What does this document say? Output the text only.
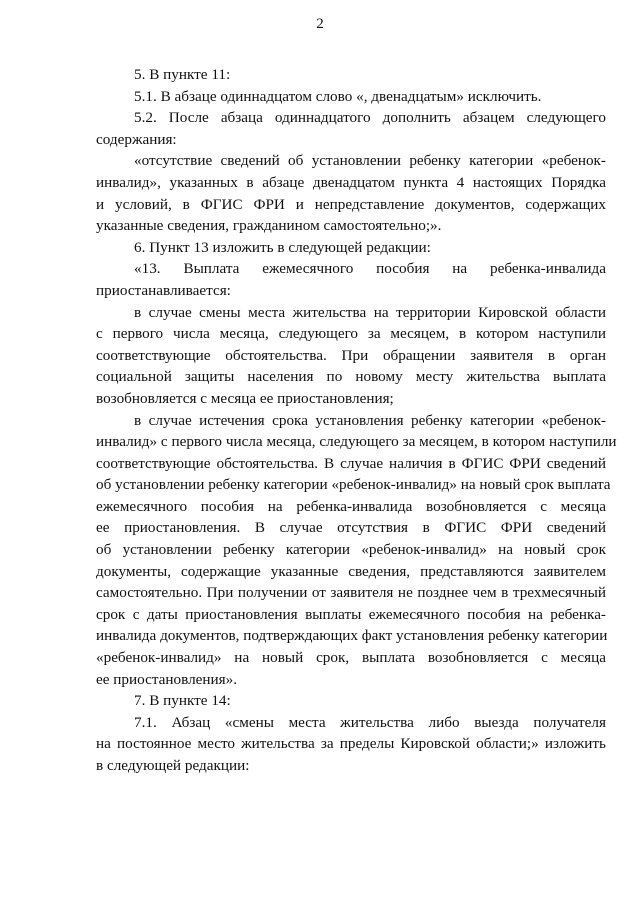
2
5. В пункте 11:
5.1. В абзаце одиннадцатом слово «, двенадцатым» исключить.
5.2. После абзаца одиннадцатого дополнить абзацем следующего
содержания:
«отсутствие сведений об установлении ребенку категории «ребенок-
инвалид», указанных в абзаце двенадцатом пункта 4 настоящих Порядка
и условий, в ФГИС ФРИ и непредставление документов, содержащих
указанные сведения, гражданином самостоятельно;».
6. Пункт 13 изложить в следующей редакции:
«13. Выплата ежемесячного пособия на ребенка-инвалида
приостанавливается:
в случае смены места жительства на территории Кировской области
с первого числа месяца, следующего за месяцем, в котором наступили
соответствующие обстоятельства. При обращении заявителя в орган
социальной защиты населения по новому месту жительства выплата
возобновляется с месяца ее приостановления;
в случае истечения срока установления ребенку категории «ребенок-
инвалид» с первого числа месяца, следующего за месяцем, в котором наступили
соответствующие обстоятельства. В случае наличия в ФГИС ФРИ сведений
об установлении ребенку категории «ребенок-инвалид» на новый срок выплата
ежемесячного пособия на ребенка-инвалида возобновляется с месяца
ее приостановления. В случае отсутствия в ФГИС ФРИ сведений
об установлении ребенку категории «ребенок-инвалид» на новый срок
документы, содержащие указанные сведения, представляются заявителем
самостоятельно. При получении от заявителя не позднее чем в трехмесячный
срок с даты приостановления выплаты ежемесячного пособия на ребенка-
инвалида документов, подтверждающих факт установления ребенку категории
«ребенок-инвалид» на новый срок, выплата возобновляется с месяца
ее приостановления».
7. В пункте 14:
7.1. Абзац «смены места жительства либо выезда получателя
на постоянное место жительства за пределы Кировской области;» изложить
в следующей редакции:
